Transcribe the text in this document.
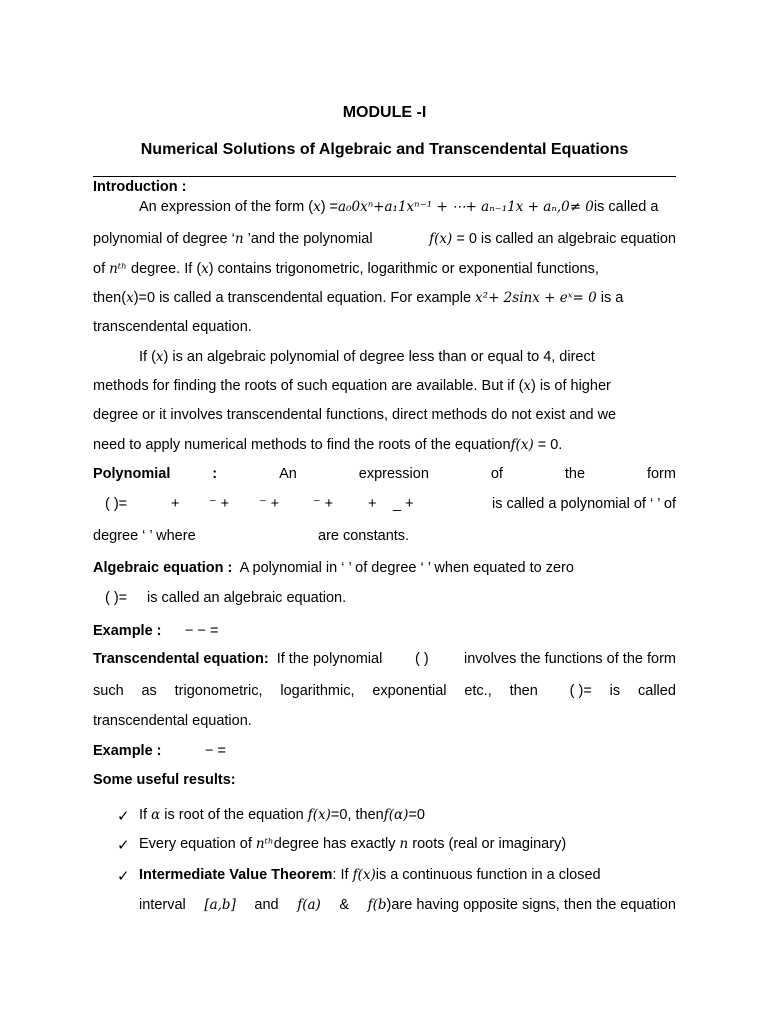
MODULE -I
Numerical Solutions of Algebraic and Transcendental Equations
Introduction :
An expression of the form (x) =a₀0xⁿ+a₁1xⁿ⁻¹ + ⋯+ aₙ₋₁1x + aₙ,0≠ 0is called a
polynomial of degree ‘n ’and the polynomial	f(x) = 0 is called an algebraic equation
of nᵗʰ degree. If (x) contains trigonometric, logarithmic or exponential functions,
then(x)=0 is called a transcendental equation. For example x²+ 2sinx + eˣ= 0 is a
transcendental equation.
If (x) is an algebraic polynomial of degree less than or equal to 4, direct
methods for finding the roots of such equation are available. But if (x) is of higher
degree or it involves transcendental functions, direct methods do not exist and we
need to apply numerical methods to find the roots of the equationf(x) = 0.
Polynomial	:	An	expression	of	the	form
( )=	+ ⁻ + ⁻ + ⁻ + + _ +	is called a polynomial of ‘ ’ of
degree ‘ ’ where	are constants.
Algebraic equation : A polynomial in ‘ ’ of degree ‘ ’ when equated to zero
( )= is called an algebraic equation.
Example : − − =
Transcendental equation: If the polynomial ( ) involves the functions of the form
such as trigonometric, logarithmic, exponential etc., then ( )= is called
transcendental equation.
Example :	− =
Some useful results:
✓ If α is root of the equation f(x)=0, thenf(α)=0
✓ Every equation of nᵗʰdegree has exactly n roots (real or imaginary)
✓ Intermediate Value Theorem: If f(x)is a continuous function in a closed
interval [a,b] and f(a) & f(b)are having opposite signs, then the equation
